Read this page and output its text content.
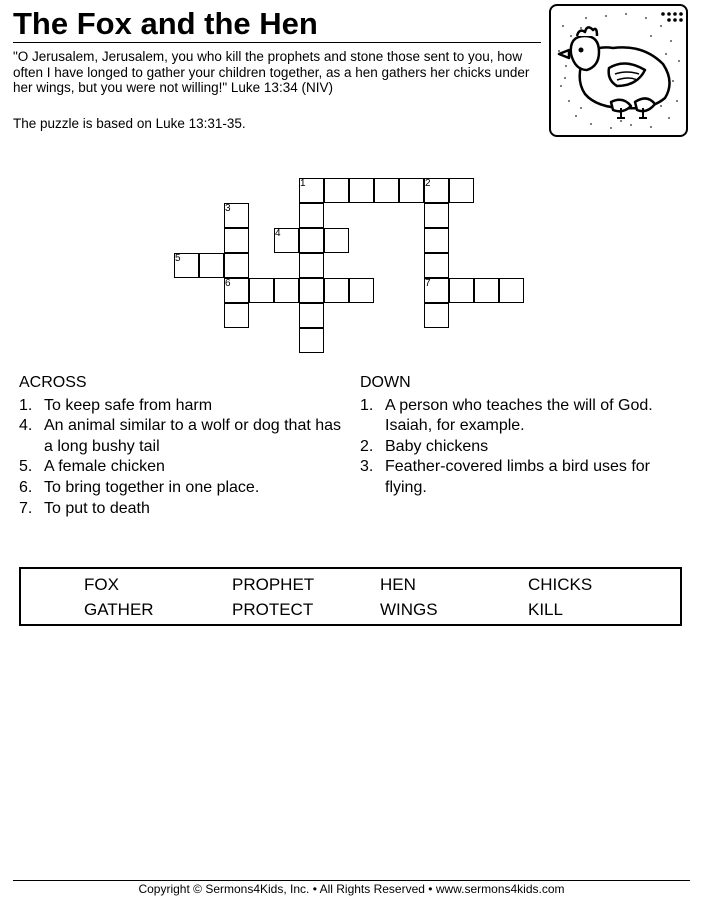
The Fox and the Hen
"O Jerusalem, Jerusalem, you who kill the prophets and stone those sent to you, how often I have longed to gather your children together, as a hen gathers her chicks under her wings, but you were not willing!" Luke 13:34 (NIV)
The puzzle is based on Luke 13:31-35.
1	2
3
4
5
6	7
ACROSS
1. To keep safe from harm
4. An animal similar to a wolf or dog that has a long bushy tail
5. A female chicken
6. To bring together in one place.
7. To put to death
DOWN
1. A person who teaches the will of God. Isaiah, for example.
2. Baby chickens
3. Feather-covered limbs a bird uses for flying.
FOX	PROPHET	HEN	CHICKS
GATHER	PROTECT	WINGS	KILL
Copyright © Sermons4Kids, Inc. • All Rights Reserved • www.sermons4kids.com
